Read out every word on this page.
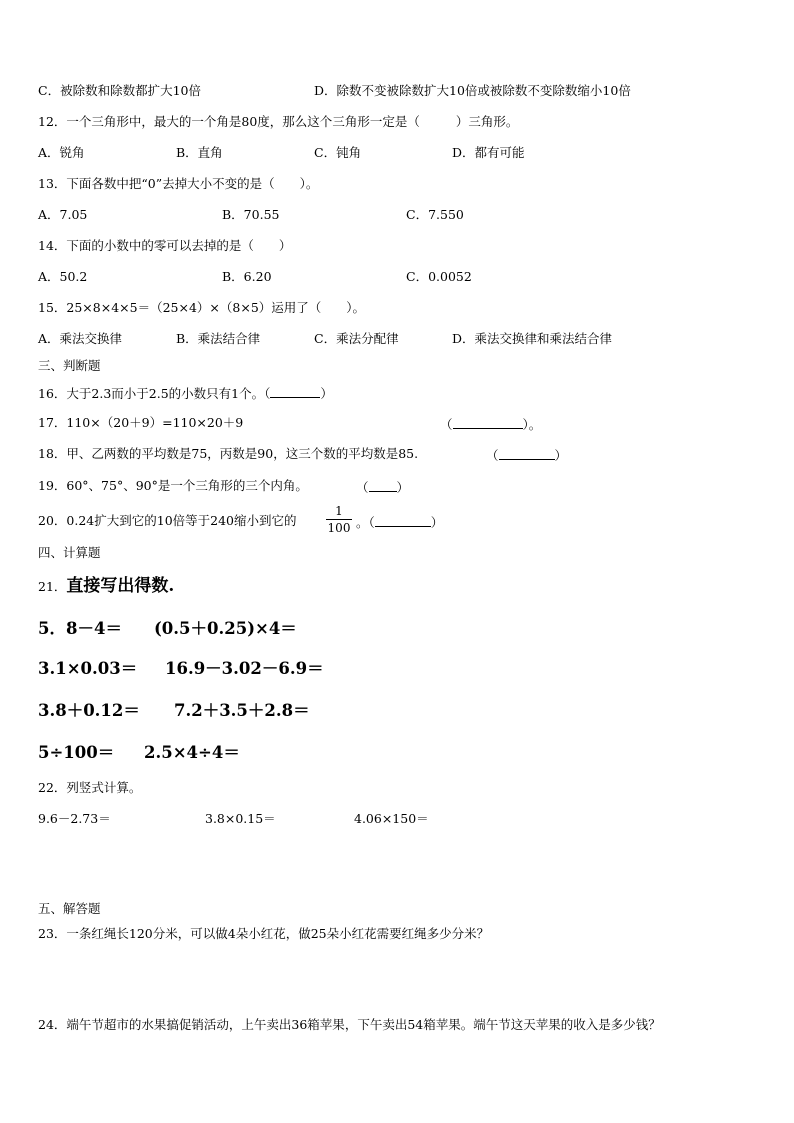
C．被除数和除数都扩大10倍	D．除数不变被除数扩大10倍或被除数不变除数缩小10倍
12．一个三角形中，最大的一个角是80度，那么这个三角形一定是（	）三角形。
A．锐角	B．直角	C．钝角	D．都有可能
13．下面各数中把“0”去掉大小不变的是（　　）。
A．7.05	B．70.55	C．7.550
14．下面的小数中的零可以去掉的是（　　）
A．50.2	B．6.20	C．0.0052
15．25×8×4×5＝（25×4）×（8×5）运用了（　　）。
A．乘法交换律	B．乘法结合律	C．乘法分配律	D．乘法交换律和乘法结合律
三、判断题
16．大于2.3而小于2.5的小数只有1个。（	）
17．110×（20＋9）=110×20＋9	（	）。
18．甲、乙两数的平均数是75，丙数是90，这三个数的平均数是85.	（	）
19．60°、75°、90°是一个三角形的三个内角。	（ ）
20．0.24扩大到它的10倍等于240缩小到它的
1
100 。（	）
四、计算题
21．直接写出得数.
5．8－4＝ (0.5＋0.25)×4＝
3.1×0.03＝ 16.9－3.02－6.9＝
3.8＋0.12＝ 7.2＋3.5＋2.8＝
5÷100＝ 2.5×4÷4＝
22．列竖式计算。
9.6－2.73＝	3.8×0.15＝	4.06×150＝
五、解答题
23．一条红绳长120分米，可以做4朵小红花，做25朵小红花需要红绳多少分米？
24．端午节超市的水果搞促销活动，上午卖出36箱苹果，下午卖出54箱苹果。端午节这天苹果的收入是多少钱？
